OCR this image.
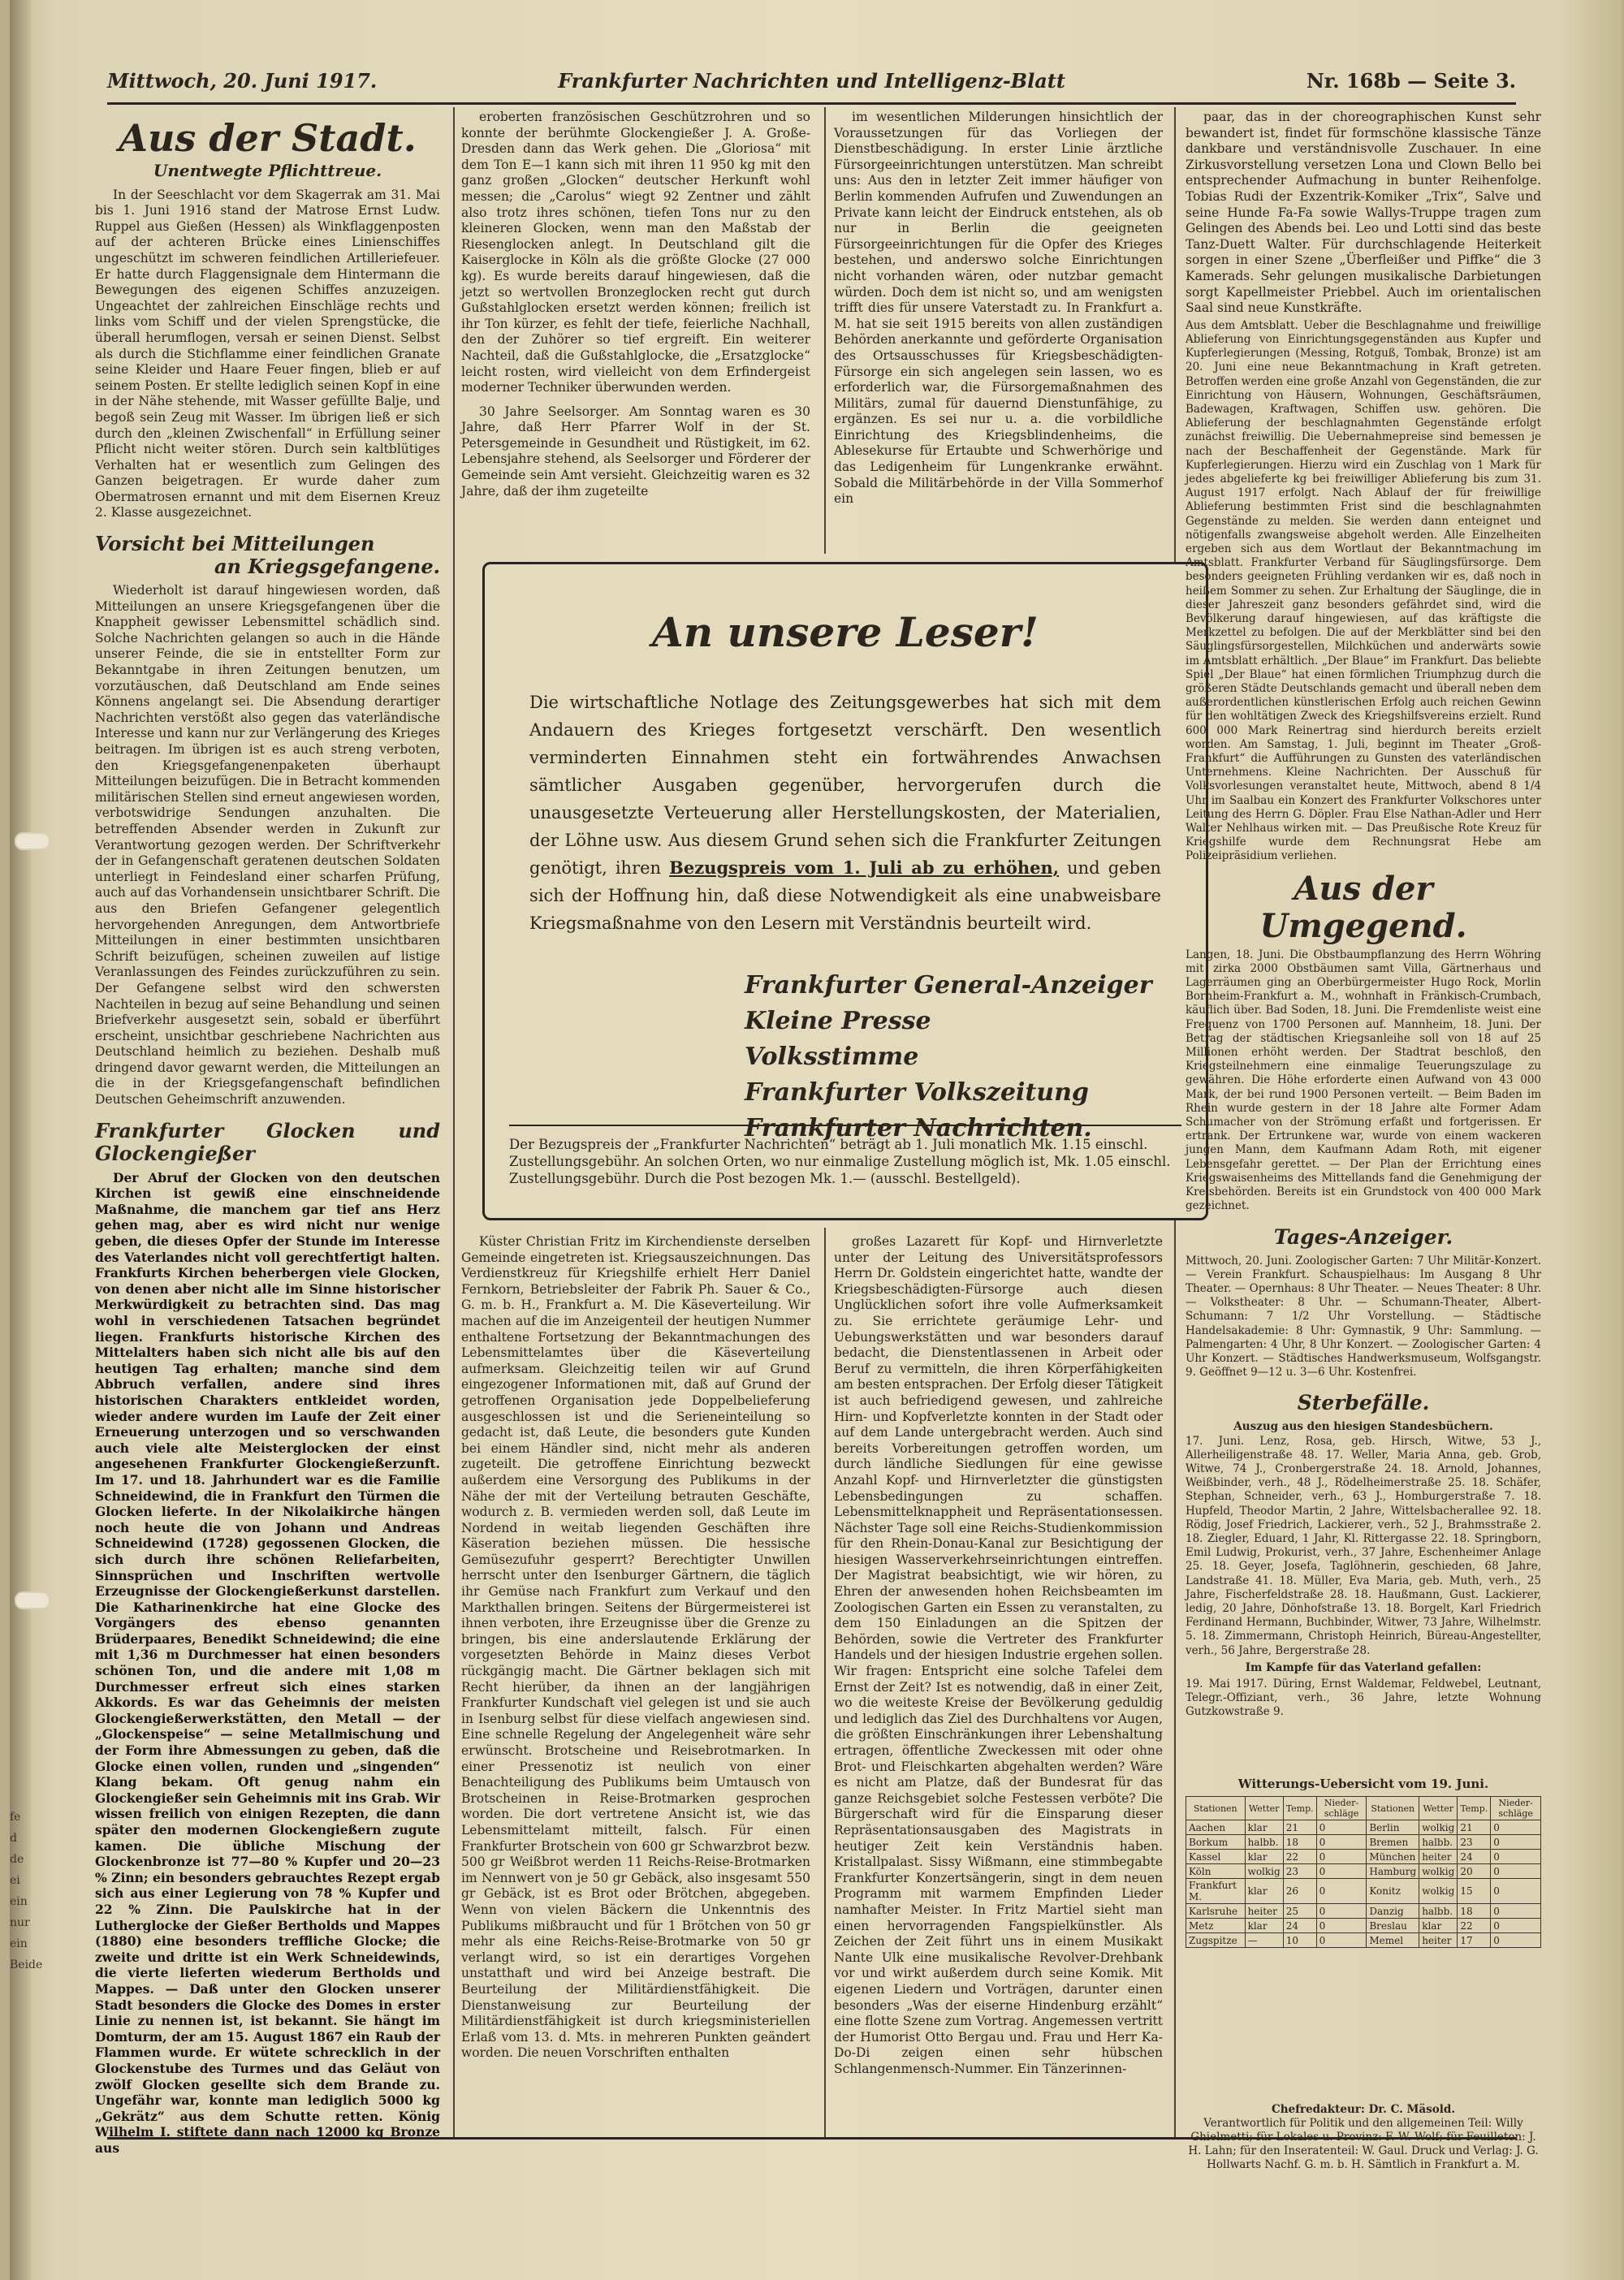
Mittwoch, 20. Juni 1917.	Frankfurter Nachrichten und Intelligenz-Blatt	Nr. 168b — Seite 3.
Aus der Stadt.
Unentwegte Pflichttreue.

In der Seeschlacht vor dem Skagerrak am 31. Mai bis 1. Juni 1916 stand der Matrose Ernst Ludw. Ruppel aus Gießen (Hessen) als Winkflaggenposten auf der achteren Brücke eines Linienschiffes ungeschützt im schweren feindlichen Artilleriefeuer. Er hatte durch Flaggensignale dem Hintermann die Bewegungen des eigenen Schiffes anzuzeigen. Ungeachtet der zahlreichen Einschläge rechts und links vom Schiff und der vielen Sprengstücke, die überall herumflogen, versah er seinen Dienst. Selbst als durch die Stichflamme einer feindlichen Granate seine Kleider und Haare Feuer fingen, blieb er auf seinem Posten. Er stellte lediglich seinen Kopf in eine in der Nähe stehende, mit Wasser gefüllte Balje, und begoß sein Zeug mit Wasser. Im übrigen ließ er sich durch den „kleinen Zwischenfall“ in Erfüllung seiner Pflicht nicht weiter stören. Durch sein kaltblütiges Verhalten hat er wesentlich zum Gelingen des Ganzen beigetragen. Er wurde daher zum Obermatrosen ernannt und mit dem Eisernen Kreuz 2. Klasse ausgezeichnet.

Vorsicht bei Mitteilungen
an Kriegsgefangene.

Wiederholt ist darauf hingewiesen worden, daß Mitteilungen an unsere Kriegsgefangenen über die Knappheit gewisser Lebensmittel schädlich sind. Solche Nachrichten gelangen so auch in die Hände unserer Feinde, die sie in entstellter Form zur Bekanntgabe in ihren Zeitungen benutzen, um vorzutäuschen, daß Deutschland am Ende seines Könnens angelangt sei. Die Absendung derartiger Nachrichten verstößt also gegen das vaterländische Interesse und kann nur zur Verlängerung des Krieges beitragen. Im übrigen ist es auch streng verboten, den Kriegsgefangenenpaketen überhaupt Mitteilungen beizufügen. Die in Betracht kommenden militärischen Stellen sind erneut angewiesen worden, verbotswidrige Sendungen anzuhalten. Die betreffenden Absender werden in Zukunft zur Verantwortung gezogen werden. Der Schriftverkehr der in Gefangenschaft geratenen deutschen Soldaten unterliegt in Feindesland einer scharfen Prüfung, auch auf das Vorhandensein unsichtbarer Schrift. Die aus den Briefen Gefangener gelegentlich hervorgehenden Anregungen, dem Antwortbriefe Mitteilungen in einer bestimmten unsichtbaren Schrift beizufügen, scheinen zuweilen auf listige Veranlassungen des Feindes zurückzuführen zu sein. Der Gefangene selbst wird den schwersten Nachteilen in bezug auf seine Behandlung und seinen Briefverkehr ausgesetzt sein, sobald er überführt erscheint, unsichtbar geschriebene Nachrichten aus Deutschland heimlich zu beziehen. Deshalb muß dringend davor gewarnt werden, die Mitteilungen an die in der Kriegsgefangenschaft befindlichen Deutschen Geheimschrift anzuwenden.

Frankfurter Glocken und Glockengießer

Der Abruf der Glocken von den deutschen Kirchen ist gewiß eine einschneidende Maßnahme, die manchem gar tief ans Herz gehen mag, aber es wird nicht nur wenige geben, die dieses Opfer der Stunde im Interesse des Vaterlandes nicht voll gerechtfertigt halten. Frankfurts Kirchen beherbergen viele Glocken, von denen aber nicht alle im Sinne historischer Merkwürdigkeit zu betrachten sind. Das mag wohl in verschiedenen Tatsachen begründet liegen. Frankfurts historische Kirchen des Mittelalters haben sich nicht alle bis auf den heutigen Tag erhalten; manche sind dem Abbruch verfallen, andere sind ihres historischen Charakters entkleidet worden, wieder andere wurden im Laufe der Zeit einer Erneuerung unterzogen und so verschwanden auch viele alte Meisterglocken der einst angesehenen Frankfurter Glockengießerzunft. Im 17. und 18. Jahrhundert war es die Familie Schneidewind, die in Frankfurt den Türmen die Glocken lieferte. In der Nikolaikirche hängen noch heute die von Johann und Andreas Schneidewind (1728) gegossenen Glocken, die sich durch ihre schönen Reliefarbeiten, Sinnsprüchen und Inschriften wertvolle Erzeugnisse der Glockengießerkunst darstellen. Die Katharinenkirche hat eine Glocke des Vorgängers des ebenso genannten Brüderpaares, Benedikt Schneidewind; die eine mit 1,36 m Durchmesser hat einen besonders schönen Ton, und die andere mit 1,08 m Durchmesser erfreut sich eines starken Akkords. Es war das Geheimnis der meisten Glockengießerwerkstätten, den Metall — der „Glockenspeise“ — seine Metallmischung und der Form ihre Abmessungen zu geben, daß die Glocke einen vollen, runden und „singenden“ Klang bekam. Oft genug nahm ein Glockengießer sein Geheimnis mit ins Grab. Wir wissen freilich von einigen Rezepten, die dann später den modernen Glockengießern zugute kamen. Die übliche Mischung der Glockenbronze ist 77—80 % Kupfer und 20—23 % Zinn; ein besonders gebrauchtes Rezept ergab sich aus einer Legierung von 78 % Kupfer und 22 % Zinn. Die Paulskirche hat in der Lutherglocke der Gießer Bertholds und Mappes (1880) eine besonders treffliche Glocke; die zweite und dritte ist ein Werk Schneidewinds, die vierte lieferten wiederum Bertholds und Mappes. — Daß unter den Glocken unserer Stadt besonders die Glocke des Domes in erster Linie zu nennen ist, ist bekannt. Sie hängt im Domturm, der am 15. August 1867 ein Raub der Flammen wurde. Er wütete schrecklich in der Glockenstube des Turmes und das Geläut von zwölf Glocken gesellte sich dem Brande zu. Ungefähr war, konnte man lediglich 5000 kg „Gekrätz“ aus dem Schutte retten. König Wilhelm I. stiftete dann nach 12000 kg Bronze aus

eroberten französischen Geschützrohren und so konnte der berühmte Glockengießer J. A. Große-Dresden dann das Werk gehen. Die „Gloriosa“ mit dem Ton E—1 kann sich mit ihren 11 950 kg mit den ganz großen „Glocken“ deutscher Herkunft wohl messen; die „Carolus“ wiegt 92 Zentner und zählt also trotz ihres schönen, tiefen Tons nur zu den kleineren Glocken, wenn man den Maßstab der Riesenglocken anlegt. In Deutschland gilt die Kaiserglocke in Köln als die größte Glocke (27 000 kg). Es wurde bereits darauf hingewiesen, daß die jetzt so wertvollen Bronzeglocken recht gut durch Gußstahlglocken ersetzt werden können; freilich ist ihr Ton kürzer, es fehlt der tiefe, feierliche Nachhall, den der Zuhörer so tief ergreift. Ein weiterer Nachteil, daß die Gußstahlglocke, die „Ersatzglocke“ leicht rosten, wird vielleicht von dem Erfindergeist moderner Techniker überwunden werden.

30 Jahre Seelsorger. Am Sonntag waren es 30 Jahre, daß Herr Pfarrer Wolf in der St. Petersgemeinde in Gesundheit und Rüstigkeit, im 62. Lebensjahre stehend, als Seelsorger und Förderer der Gemeinde sein Amt versieht. Gleichzeitig waren es 32 Jahre, daß der ihm zugeteilte

im wesentlichen Milderungen hinsichtlich der Voraussetzungen für das Vorliegen der Dienstbeschädigung. In erster Linie ärztliche Fürsorgeeinrichtungen unterstützen. Man schreibt uns: Aus den in letzter Zeit immer häufiger von Berlin kommenden Aufrufen und Zuwendungen an Private kann leicht der Eindruck entstehen, als ob nur in Berlin die geeigneten Fürsorgeeinrichtungen für die Opfer des Krieges bestehen, und anderswo solche Einrichtungen nicht vorhanden wären, oder nutzbar gemacht würden. Doch dem ist nicht so, und am wenigsten trifft dies für unsere Vaterstadt zu. In Frankfurt a. M. hat sie seit 1915 bereits von allen zuständigen Behörden anerkannte und geförderte Organisation des Ortsausschusses für Kriegsbeschädigten-Fürsorge ein sich angelegen sein lassen, wo es erforderlich war, die Fürsorgemaßnahmen des Militärs, zumal für dauernd Dienstunfähige, zu ergänzen. Es sei nur u. a. die vorbildliche Einrichtung des Kriegsblindenheims, die Ablesekurse für Ertaubte und Schwerhörige und das Ledigenheim für Lungenkranke erwähnt. Sobald die Militärbehörde in der Villa Sommerhof ein

An unsere Leser!
Die wirtschaftliche Notlage des Zeitungsgewerbes hat sich mit dem Andauern des Krieges fortgesetzt verschärft. Den wesentlich verminderten Einnahmen steht ein fortwährendes Anwachsen sämtlicher Ausgaben gegenüber, hervorgerufen durch die unausgesetzte Verteuerung aller Herstellungskosten, der Materialien, der Löhne usw. Aus diesem Grund sehen sich die Frankfurter Zeitungen genötigt, ihren Bezugspreis vom 1. Juli ab zu erhöhen, und geben sich der Hoffnung hin, daß diese Notwendigkeit als eine unabweisbare Kriegsmaßnahme von den Lesern mit Verständnis beurteilt wird.
Frankfurter General-Anzeiger
Kleine Presse
Volksstimme
Frankfurter Volkszeitung
Frankfurter Nachrichten.
Der Bezugspreis der „Frankfurter Nachrichten“ beträgt ab 1. Juli monatlich Mk. 1.15 einschl. Zustellungsgebühr. An solchen Orten, wo nur einmalige Zustellung möglich ist, Mk. 1.05 einschl. Zustellungsgebühr. Durch die Post bezogen Mk. 1.— (ausschl. Bestellgeld).

Küster Christian Fritz im Kirchendienste derselben Gemeinde eingetreten ist. Kriegsauszeichnungen. Das Verdienstkreuz für Kriegshilfe erhielt Herr Daniel Fernkorn, Betriebsleiter der Fabrik Ph. Sauer & Co., G. m. b. H., Frankfurt a. M. Die Käseverteilung. Wir machen auf die im Anzeigenteil der heutigen Nummer enthaltene Fortsetzung der Bekanntmachungen des Lebensmittelamtes über die Käseverteilung aufmerksam. Gleichzeitig teilen wir auf Grund eingezogener Informationen mit, daß auf Grund der getroffenen Organisation jede Doppelbelieferung ausgeschlossen ist und die Serieneinteilung so gedacht ist, daß Leute, die besonders gute Kunden bei einem Händler sind, nicht mehr als anderen zugeteilt. Die getroffene Einrichtung bezweckt außerdem eine Versorgung des Publikums in der Nähe der mit der Verteilung betrauten Geschäfte, wodurch z. B. vermieden werden soll, daß Leute im Nordend in weitab liegenden Geschäften ihre Käseration beziehen müssen. Die hessische Gemüsezufuhr gesperrt? Berechtigter Unwillen herrscht unter den Isenburger Gärtnern, die täglich ihr Gemüse nach Frankfurt zum Verkauf und den Markthallen bringen. Seitens der Bürgermeisterei ist ihnen verboten, ihre Erzeugnisse über die Grenze zu bringen, bis eine anderslautende Erklärung der vorgesetzten Behörde in Mainz dieses Verbot rückgängig macht. Die Gärtner beklagen sich mit Recht hierüber, da ihnen an der langjährigen Frankfurter Kundschaft viel gelegen ist und sie auch in Isenburg selbst für diese vielfach angewiesen sind. Eine schnelle Regelung der Angelegenheit wäre sehr erwünscht. Brotscheine und Reisebrotmarken. In einer Pressenotiz ist neulich von einer Benachteiligung des Publikums beim Umtausch von Brotscheinen in Reise-Brotmarken gesprochen worden. Die dort vertretene Ansicht ist, wie das Lebensmittelamt mitteilt, falsch. Für einen Frankfurter Brotschein von 600 gr Schwarzbrot bezw. 500 gr Weißbrot werden 11 Reichs-Reise-Brotmarken im Nennwert von je 50 gr Gebäck, also insgesamt 550 gr Gebäck, ist es Brot oder Brötchen, abgegeben. Wenn von vielen Bäckern die Unkenntnis des Publikums mißbraucht und für 1 Brötchen von 50 gr mehr als eine Reichs-Reise-Brotmarke von 50 gr verlangt wird, so ist ein derartiges Vorgehen unstatthaft und wird bei Anzeige bestraft. Die Beurteilung der Militärdienstfähigkeit. Die Dienstanweisung zur Beurteilung der Militärdienstfähigkeit ist durch kriegsministeriellen Erlaß vom 13. d. Mts. in mehreren Punkten geändert worden. Die neuen Vorschriften enthalten

großes Lazarett für Kopf- und Hirnverletzte unter der Leitung des Universitätsprofessors Herrn Dr. Goldstein eingerichtet hatte, wandte der Kriegsbeschädigten-Fürsorge auch diesen Unglücklichen sofort ihre volle Aufmerksamkeit zu. Sie errichtete geräumige Lehr- und Uebungswerkstätten und war besonders darauf bedacht, die Dienstentlassenen in Arbeit oder Beruf zu vermitteln, die ihren Körperfähigkeiten am besten entsprachen. Der Erfolg dieser Tätigkeit ist auch befriedigend gewesen, und zahlreiche Hirn- und Kopfverletzte konnten in der Stadt oder auf dem Lande untergebracht werden. Auch sind bereits Vorbereitungen getroffen worden, um durch ländliche Siedlungen für eine gewisse Anzahl Kopf- und Hirnverletzter die günstigsten Lebensbedingungen zu schaffen. Lebensmittelknappheit und Repräsentationsessen. Nächster Tage soll eine Reichs-Studienkommission für den Rhein-Donau-Kanal zur Besichtigung der hiesigen Wasserverkehrseinrichtungen eintreffen. Der Magistrat beabsichtigt, wie wir hören, zu Ehren der anwesenden hohen Reichsbeamten im Zoologischen Garten ein Essen zu veranstalten, zu dem 150 Einladungen an die Spitzen der Behörden, sowie die Vertreter des Frankfurter Handels und der hiesigen Industrie ergehen sollen. Wir fragen: Entspricht eine solche Tafelei dem Ernst der Zeit? Ist es notwendig, daß in einer Zeit, wo die weiteste Kreise der Bevölkerung geduldig und lediglich das Ziel des Durchhaltens vor Augen, die größten Einschränkungen ihrer Lebenshaltung ertragen, öffentliche Zweckessen mit oder ohne Brot- und Fleischkarten abgehalten werden? Wäre es nicht am Platze, daß der Bundesrat für das ganze Reichsgebiet solche Festessen verböte? Die Bürgerschaft wird für die Einsparung dieser Repräsentationsausgaben des Magistrats in heutiger Zeit kein Verständnis haben. Kristallpalast. Sissy Wißmann, eine stimmbegabte Frankfurter Konzertsängerin, singt in dem neuen Programm mit warmem Empfinden Lieder namhafter Meister. In Fritz Martiel sieht man einen hervorragenden Fangspielkünstler. Als Zeichen der Zeit führt uns in einem Musikakt Nante Ulk eine musikalische Revolver-Drehbank vor und wirkt außerdem durch seine Komik. Mit eigenen Liedern und Vorträgen, darunter einen besonders „Was der eiserne Hindenburg erzählt“ eine flotte Szene zum Vortrag. Angemessen vertritt der Humorist Otto Bergau und. Frau und Herr Ka-Do-Di zeigen einen sehr hübschen Schlangenmensch-Nummer. Ein Tänzerinnen-

paar, das in der choreographischen Kunst sehr bewandert ist, findet für formschöne klassische Tänze dankbare und verständnisvolle Zuschauer. In eine Zirkusvorstellung versetzen Lona und Clown Bello bei entsprechender Aufmachung in bunter Reihenfolge. Tobias Rudi der Exzentrik-Komiker „Trix“, Salve und seine Hunde Fa-Fa sowie Wallys-Truppe tragen zum Gelingen des Abends bei. Leo und Lotti sind das beste Tanz-Duett Walter. Für durchschlagende Heiterkeit sorgen in einer Szene „Überfleißer und Piffke“ die 3 Kamerads. Sehr gelungen musikalische Darbietungen sorgt Kapellmeister Priebbel. Auch im orientalischen Saal sind neue Kunstkräfte.

Aus dem Amtsblatt. Ueber die Beschlagnahme und freiwillige Ablieferung von Einrichtungsgegenständen aus Kupfer und Kupferlegierungen (Messing, Rotguß, Tombak, Bronze) ist am 20. Juni eine neue Bekanntmachung in Kraft getreten. Betroffen werden eine große Anzahl von Gegenständen, die zur Einrichtung von Häusern, Wohnungen, Geschäftsräumen, Badewagen, Kraftwagen, Schiffen usw. gehören. Die Ablieferung der beschlagnahmten Gegenstände erfolgt zunächst freiwillig. Die Uebernahmepreise sind bemessen je nach der Beschaffenheit der Gegenstände. Mark für Kupferlegierungen. Hierzu wird ein Zuschlag von 1 Mark für jedes abgelieferte kg bei freiwilliger Ablieferung bis zum 31. August 1917 erfolgt. Nach Ablauf der für freiwillige Ablieferung bestimmten Frist sind die beschlagnahmten Gegenstände zu melden. Sie werden dann enteignet und nötigenfalls zwangsweise abgeholt werden. Alle Einzelheiten ergeben sich aus dem Wortlaut der Bekanntmachung im Amtsblatt. Frankfurter Verband für Säuglingsfürsorge. Dem besonders geeigneten Frühling verdanken wir es, daß noch in heißem Sommer zu sehen. Zur Erhaltung der Säuglinge, die in dieser Jahreszeit ganz besonders gefährdet sind, wird die Bevölkerung darauf hingewiesen, auf das kräftigste die Merkzettel zu befolgen. Die auf der Merkblätter sind bei den Säuglingsfürsorgestellen, Milchküchen und anderwärts sowie im Amtsblatt erhältlich. „Der Blaue“ im Frankfurt. Das beliebte Spiel „Der Blaue“ hat einen förmlichen Triumphzug durch die größeren Städte Deutschlands gemacht und überall neben dem außerordentlichen künstlerischen Erfolg auch reichen Gewinn für den wohltätigen Zweck des Kriegshilfsvereins erzielt. Rund 600 000 Mark Reinertrag sind hierdurch bereits erzielt worden. Am Samstag, 1. Juli, beginnt im Theater „Groß-Frankfurt“ die Aufführungen zu Gunsten des vaterländischen Unternehmens. Kleine Nachrichten. Der Ausschuß für Volksvorlesungen veranstaltet heute, Mittwoch, abend 8 1/4 Uhr im Saalbau ein Konzert des Frankfurter Volkschores unter Leitung des Herrn G. Döpler. Frau Else Nathan-Adler und Herr Walter Nehlhaus wirken mit. — Das Preußische Rote Kreuz für Kriegshilfe wurde dem Rechnungsrat Hebe am Polizeipräsidium verliehen.

Aus der Umgegend.

Langen, 18. Juni. Die Obstbaumpflanzung des Herrn Wöhring mit zirka 2000 Obstbäumen samt Villa, Gärtnerhaus und Lagerräumen ging an Oberbürgermeister Hugo Rock, Morlin Bornheim-Frankfurt a. M., wohnhaft in Fränkisch-Crumbach, käuflich über. Bad Soden, 18. Juni. Die Fremdenliste weist eine Frequenz von 1700 Personen auf. Mannheim, 18. Juni. Der Betrag der städtischen Kriegsanleihe soll von 18 auf 25 Millionen erhöht werden. Der Stadtrat beschloß, den Kriegsteilnehmern eine einmalige Teuerungszulage zu gewähren. Die Höhe erforderte einen Aufwand von 43 000 Mark, der bei rund 1900 Personen verteilt. — Beim Baden im Rhein wurde gestern in der 18 Jahre alte Former Adam Schumacher von der Strömung erfaßt und fortgerissen. Er ertrank. Der Ertrunkene war, wurde von einem wackeren jungen Mann, dem Kaufmann Adam Roth, mit eigener Lebensgefahr gerettet. — Der Plan der Errichtung eines Kriegswaisenheims des Mittellands fand die Genehmigung der Kreisbehörden. Bereits ist ein Grundstock von 400 000 Mark gezeichnet.

Tages-Anzeiger.

Mittwoch, 20. Juni. Zoologischer Garten: 7 Uhr Militär-Konzert. — Verein Frankfurt. Schauspielhaus: Im Ausgang 8 Uhr Theater. — Opernhaus: 8 Uhr Theater. — Neues Theater: 8 Uhr. — Volkstheater: 8 Uhr. — Schumann-Theater, Albert-Schumann: 7 1/2 Uhr Vorstellung. — Städtische Handelsakademie: 8 Uhr: Gymnastik, 9 Uhr: Sammlung. — Palmengarten: 4 Uhr, 8 Uhr Konzert. — Zoologischer Garten: 4 Uhr Konzert. — Städtisches Handwerksmuseum, Wolfsgangstr. 9. Geöffnet 9—12 u. 3—6 Uhr. Kostenfrei.

Sterbefälle.
Auszug aus den hiesigen Standesbüchern.

17. Juni. Lenz, Rosa, geb. Hirsch, Witwe, 53 J., Allerheiligenstraße 48. 17. Weller, Maria Anna, geb. Grob, Witwe, 74 J., Cronbergerstraße 24. 18. Arnold, Johannes, Weißbinder, verh., 48 J., Rödelheimerstraße 25. 18. Schäfer, Stephan, Schneider, verh., 63 J., Homburgerstraße 7. 18. Hupfeld, Theodor Martin, 2 Jahre, Wittelsbacherallee 92. 18. Rödig, Josef Friedrich, Lackierer, verh., 52 J., Brahmsstraße 2. 18. Ziegler, Eduard, 1 Jahr, Kl. Rittergasse 22. 18. Springborn, Emil Ludwig, Prokurist, verh., 37 Jahre, Eschenheimer Anlage 25. 18. Geyer, Josefa, Taglöhnerin, geschieden, 68 Jahre, Landstraße 41. 18. Müller, Eva Maria, geb. Muth, verh., 25 Jahre, Fischerfeldstraße 28. 18. Haußmann, Gust. Lackierer, ledig, 20 Jahre, Dönhofstraße 13. 18. Borgelt, Karl Friedrich Ferdinand Hermann, Buchbinder, Witwer, 73 Jahre, Wilhelmstr. 5. 18. Zimmermann, Christoph Heinrich, Büreau-Angestellter, verh., 56 Jahre, Bergerstraße 28.

Im Kampfe für das Vaterland gefallen:

19. Mai 1917. Düring, Ernst Waldemar, Feldwebel, Leutnant, Telegr.-Offiziant, verh., 36 Jahre, letzte Wohnung Gutzkowstraße 9.

Witterungs-Uebersicht vom 19. Juni.
Stationen	Wetter	Temp.	Nieder-schläge	Stationen	Wetter	Temp.	Nieder-schläge
Aachen	klar	21	0	Berlin	wolkig	21	0
Borkum	halbb.	18	0	Bremen	halbb.	23	0
Kassel	klar	22	0	München	heiter	24	0
Köln	wolkig	23	0	Hamburg	wolkig	20	0
Frankfurt M.	klar	26	0	Konitz	wolkig	15	0
Karlsruhe	heiter	25	0	Danzig	halbb.	18	0
Metz	klar	24	0	Breslau	klar	22	0
Zugspitze	—	10	0	Memel	heiter	17	0
Chefredakteur: Dr. C. Mäsold.
Verantwortlich für Politik und den allgemeinen Teil: Willy Ghielmetti; für Lokales u. Provinz: F. W. Wolf; für Feuilleton: J. H. Lahn; für den Inseratenteil: W. Gaul. Druck und Verlag: J. G. Hollwarts Nachf. G. m. b. H. Sämtlich in Frankfurt a. M.
fe
d
de
ei
ein
nur
ein
Beide
